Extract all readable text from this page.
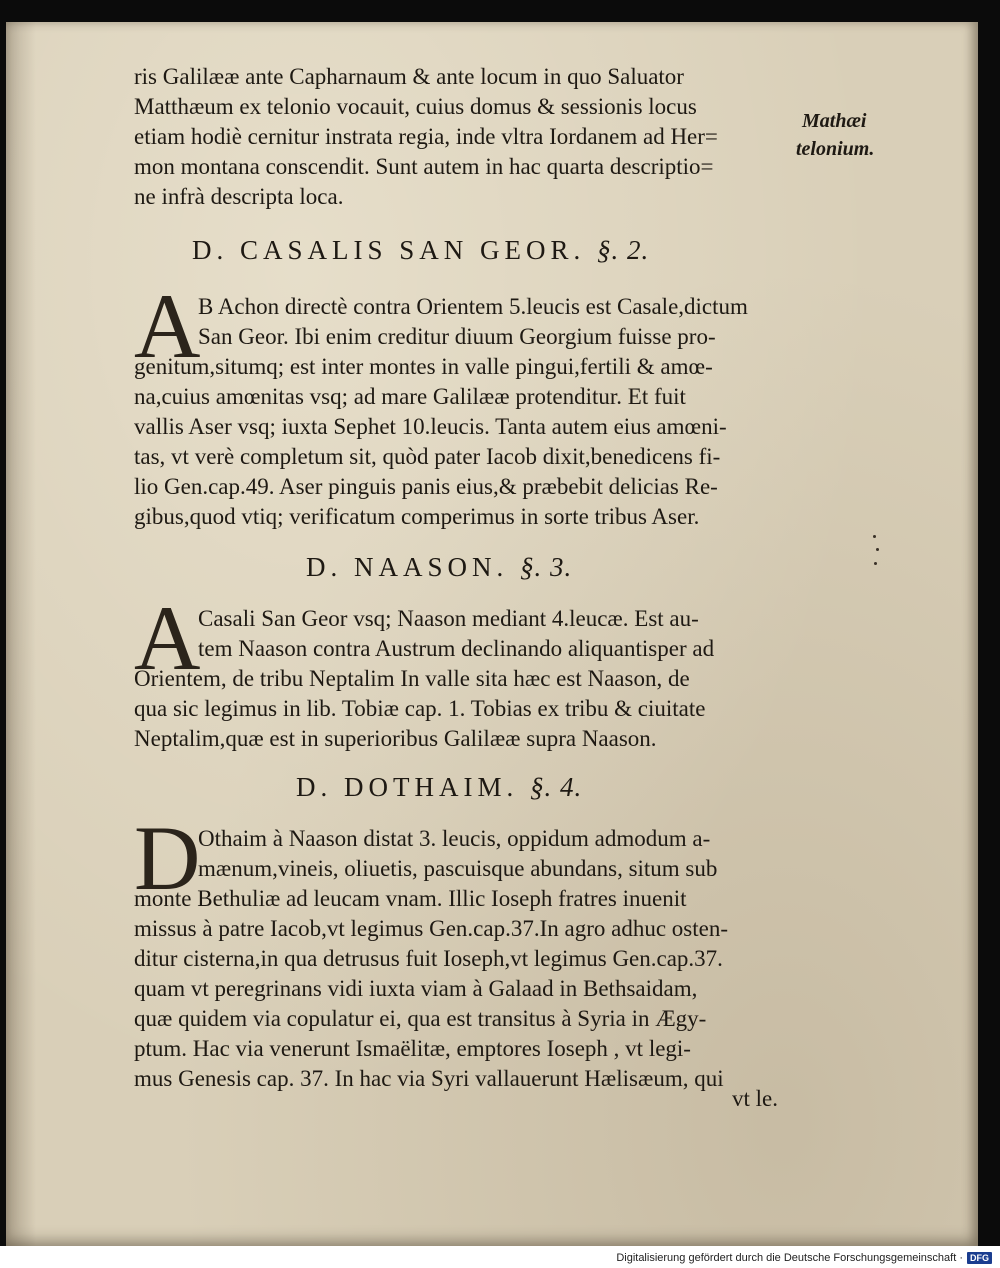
ris Galilææ ante Capharnaum & ante locum in quo Saluator
Matthæum ex telonio vocauit, cuius domus & sessionis locus
etiam hodiè cernitur instrata regia, inde vltra Iordanem ad Her=
mon montana conscendit. Sunt autem in hac quarta descriptio=
ne infrà descripta loca.
Mathæi
telonium.
D. CASALIS SAN GEOR. §. 2.
A
B Achon directè contra Orientem 5.leucis est Casale,dictum
San Geor. Ibi enim creditur diuum Georgium fuisse pro-
genitum,situmq; est inter montes in valle pingui,fertili & amœ-
na,cuius amœnitas vsq; ad mare Galilææ protenditur. Et fuit
vallis Aser vsq; iuxta Sephet 10.leucis. Tanta autem eius amœni-
tas, vt verè completum sit, quòd pater Iacob dixit,benedicens fi-
lio Gen.cap.49. Aser pinguis panis eius,& præbebit delicias Re-
gibus,quod vtiq; verificatum comperimus in sorte tribus Aser.
D. NAASON. §. 3.
A
Casali San Geor vsq; Naason mediant 4.leucæ. Est au-
tem Naason contra Austrum declinando aliquantisper ad
Orientem, de tribu Neptalim In valle sita hæc est Naason, de
qua sic legimus in lib. Tobiæ cap. 1. Tobias ex tribu & ciuitate
Neptalim,quæ est in superioribus Galilææ supra Naason.
D. DOTHAIM. §. 4.
D
Othaim à Naason distat 3. leucis, oppidum admodum a-
mænum,vineis, oliuetis, pascuisque abundans, situm sub
monte Bethuliæ ad leucam vnam. Illic Ioseph fratres inuenit
missus à patre Iacob,vt legimus Gen.cap.37.In agro adhuc osten-
ditur cisterna,in qua detrusus fuit Ioseph,vt legimus Gen.cap.37.
quam vt peregrinans vidi iuxta viam à Galaad in Bethsaidam,
quæ quidem via copulatur ei, qua est transitus à Syria in Ægy-
ptum. Hac via venerunt Ismaëlitæ, emptores Ioseph , vt legi-
mus Genesis cap. 37. In hac via Syri vallauerunt Hælisæum, qui
vt le.
Digitalisierung gefördert durch die Deutsche Forschungsgemeinschaft · DFG
